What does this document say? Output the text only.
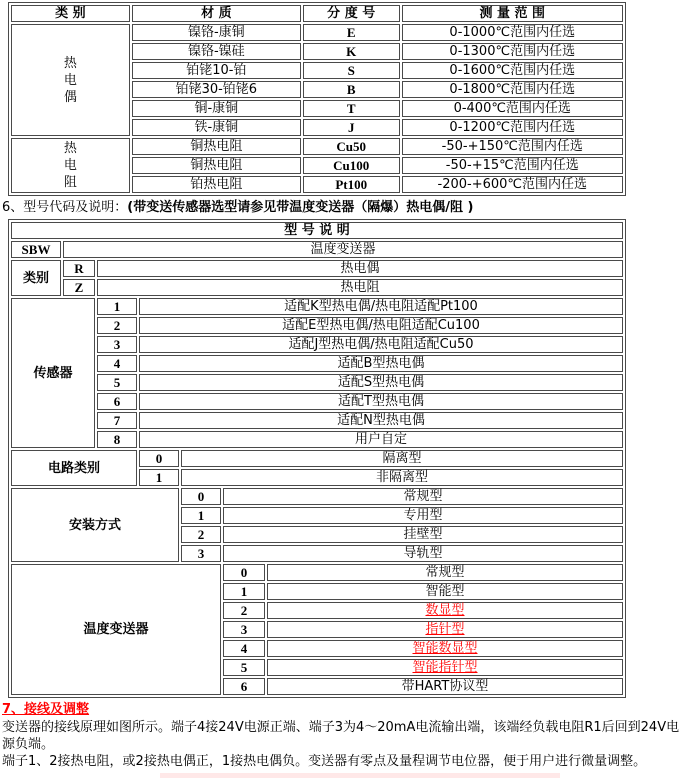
类 别	材 质	分 度 号	测 量 范 围
热电偶	镍铬-康铜	E	0-1000℃范围内任选
	镍铬-镍硅	K	0-1300℃范围内任选
	铂铑10-铂	S	0-1600℃范围内任选
	铂铑30-铂铑6	B	0-1800℃范围内任选
	铜-康铜	T	0-400℃范围内任选
	铁-康铜	J	0-1200℃范围内任选
热电阻	铜热电阻	Cu50	-50-+150℃范围内任选
	铜热电阻	Cu100	-50-+15℃范围内任选
	铂热电阻	Pt100	-200-+600℃范围内任选
6、型号代码及说明：(带变送传感器选型请参见带温度变送器（隔爆）热电偶/阻 )
型 号 说 明						
SBW	温度变送器					
类别	R	热电偶				
	Z	热电阻				
传感器		1	适配K型热电偶/热电阻适配Pt100			
		2	适配E型热电偶/热电阻适配Cu100			
		3	适配J型热电偶/热电阻适配Cu50			
		4	适配B型热电偶			
		5	适配S型热电偶			
		6	适配T型热电偶			
		7	适配N型热电偶			
		8	用户自定			
电路类别			0	隔离型		
			1	非隔离型		
安装方式				0	常规型	
				1	专用型	
				2	挂壁型	
				3	导轨型	
温度变送器					0	常规型
					1	智能型
					2	数显型
					3	指针型
					4	智能数显型
					5	智能指针型
					6	带HART协议型
7、接线及调整

变送器的接线原理如图所示。端子4接24V电源正端、端子3为4～20mA电流输出端，该端经负载电阻R1后回到24V电源负端。

端子1、2接热电阻，或2接热电偶正，1接热电偶负。变送器有零点及量程调节电位器，便于用户进行微量调整。
